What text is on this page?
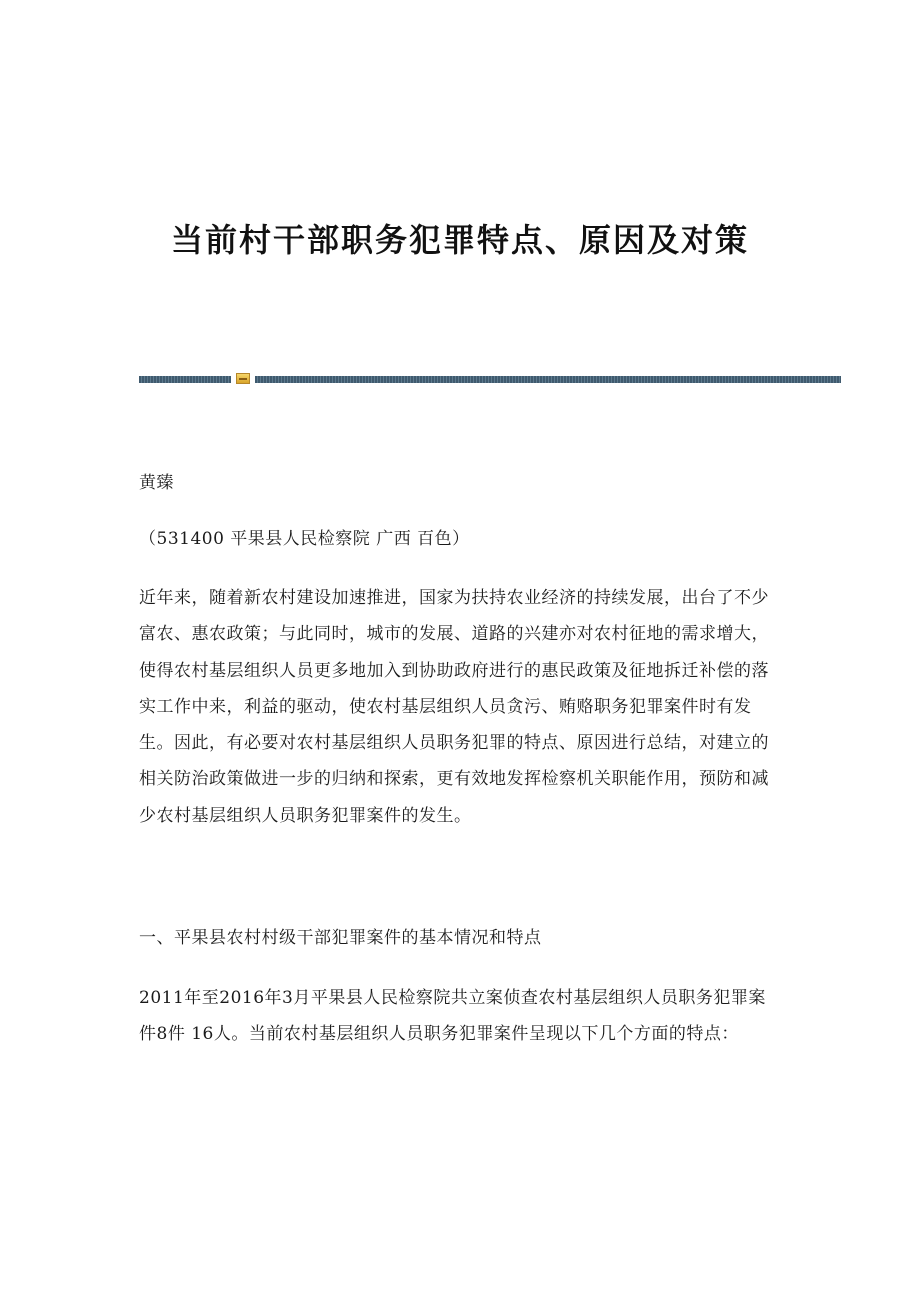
当前村干部职务犯罪特点、原因及对策

黄臻

（531400 平果县人民检察院 广西 百色）

近年来，随着新农村建设加速推进，国家为扶持农业经济的持续发展，出台了不少富农、惠农政策；与此同时，城市的发展、道路的兴建亦对农村征地的需求增大，使得农村基层组织人员更多地加入到协助政府进行的惠民政策及征地拆迁补偿的落实工作中来，利益的驱动，使农村基层组织人员贪污、贿赂职务犯罪案件时有发生。因此，有必要对农村基层组织人员职务犯罪的特点、原因进行总结，对建立的相关防治政策做进一步的归纳和探索，更有效地发挥检察机关职能作用，预防和减少农村基层组织人员职务犯罪案件的发生。

一、平果县农村村级干部犯罪案件的基本情况和特点

2011年至2016年3月平果县人民检察院共立案侦查农村基层组织人员职务犯罪案件8件 16人。当前农村基层组织人员职务犯罪案件呈现以下几个方面的特点：
